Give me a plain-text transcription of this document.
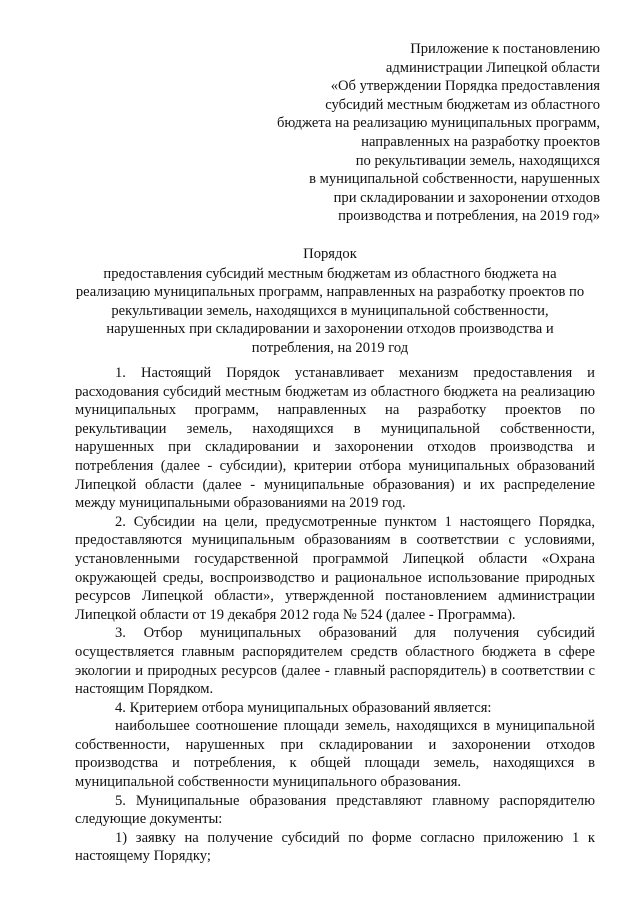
Приложение к постановлению
администрации Липецкой области
«Об утверждении Порядка предоставления
субсидий местным бюджетам из областного
бюджета на реализацию муниципальных программ,
направленных на разработку проектов
по рекультивации земель, находящихся
в муниципальной собственности, нарушенных
при складировании и захоронении отходов
производства и потребления, на 2019 год»
Порядок
предоставления субсидий местным бюджетам из областного бюджета на реализацию муниципальных программ, направленных на разработку проектов по рекультивации земель, находящихся в муниципальной собственности, нарушенных при складировании и захоронении отходов производства и потребления, на 2019 год

1. Настоящий Порядок устанавливает механизм предоставления и расходования субсидий местным бюджетам из областного бюджета на реализацию муниципальных программ, направленных на разработку проектов по рекультивации земель, находящихся в муниципальной собственности, нарушенных при складировании и захоронении отходов производства и потребления (далее - субсидии), критерии отбора муниципальных образований Липецкой области (далее - муниципальные образования) и их распределение между муниципальными образованиями на 2019 год.

2. Субсидии на цели, предусмотренные пунктом 1 настоящего Порядка, предоставляются муниципальным образованиям в соответствии с условиями, установленными государственной программой Липецкой области «Охрана окружающей среды, воспроизводство и рациональное использование природных ресурсов Липецкой области», утвержденной постановлением администрации Липецкой области от 19 декабря 2012 года № 524 (далее - Программа).

3. Отбор муниципальных образований для получения субсидий осуществляется главным распорядителем средств областного бюджета в сфере экологии и природных ресурсов (далее - главный распорядитель) в соответствии с настоящим Порядком.

4. Критерием отбора муниципальных образований является:

наибольшее соотношение площади земель, находящихся в муниципальной собственности, нарушенных при складировании и захоронении отходов производства и потребления, к общей площади земель, находящихся в муниципальной собственности муниципального образования.

5. Муниципальные образования представляют главному распорядителю следующие документы:

1) заявку на получение субсидий по форме согласно приложению 1 к настоящему Порядку;
